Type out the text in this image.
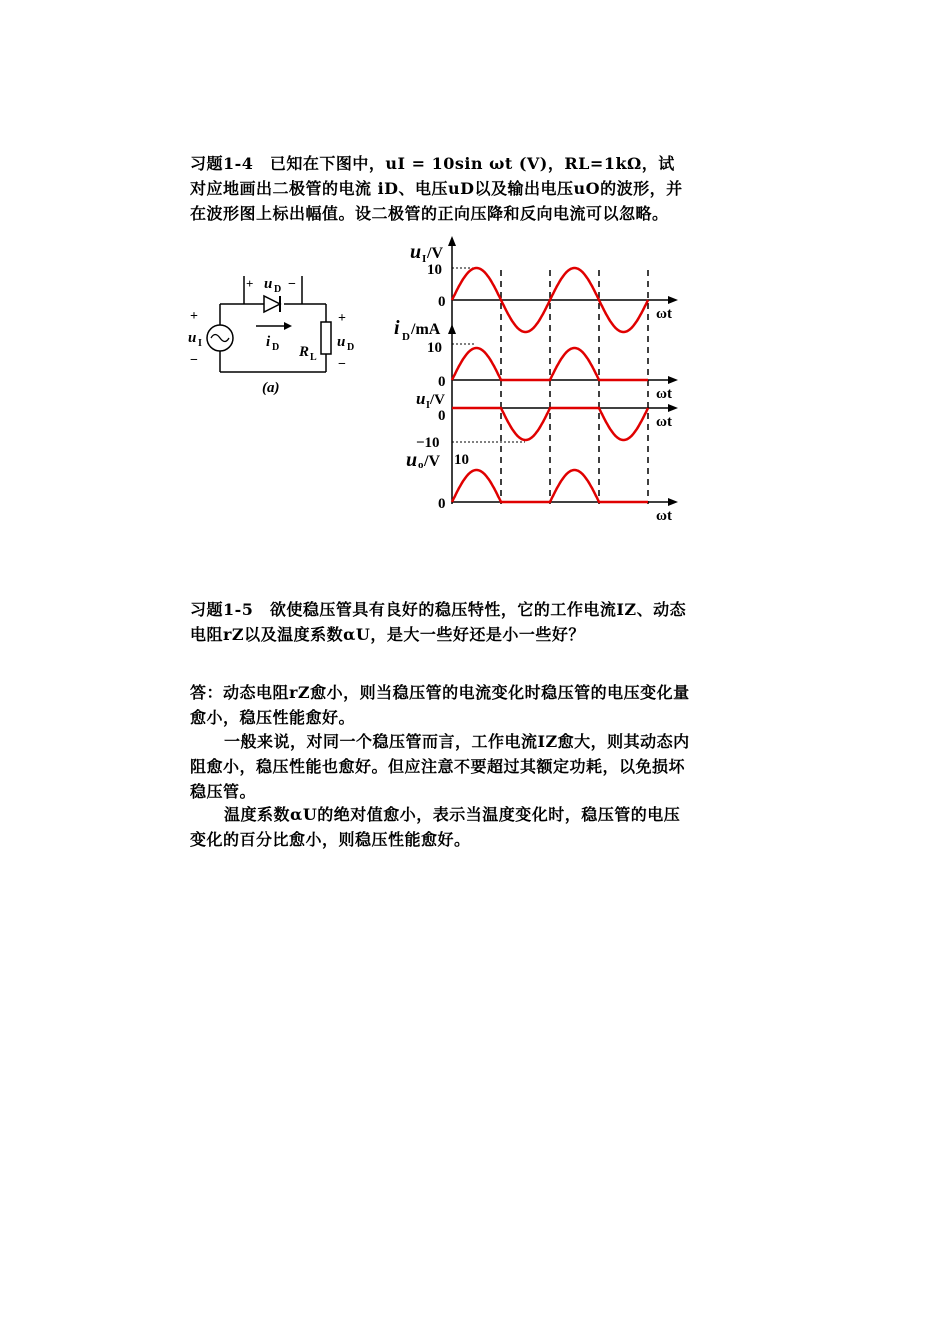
习题1-4　已知在下图中，uI = 10sin ωt (V)，RL=1kΩ，试对应地画出二极管的电流 iD、电压uD以及输出电压uO的波形，并在波形图上标出幅值。设二极管的正向压降和反向电流可以忽略。
+
−
u I
+ u D −
i D R L
+
−
u D
(a)
u I /V
10
0
ωt
i D /mA
10
0
ωt
u I /V
0
−10
ωt
u o /V 10
0
ωt
习题1-5　欲使稳压管具有良好的稳压特性，它的工作电流IZ、动态电阻rZ以及温度系数αU，是大一些好还是小一些好？
答：动态电阻rZ愈小，则当稳压管的电流变化时稳压管的电压变化量愈小，稳压性能愈好。
一般来说，对同一个稳压管而言，工作电流IZ愈大，则其动态内阻愈小，稳压性能也愈好。但应注意不要超过其额定功耗，以免损坏稳压管。
温度系数αU的绝对值愈小，表示当温度变化时，稳压管的电压变化的百分比愈小，则稳压性能愈好。
